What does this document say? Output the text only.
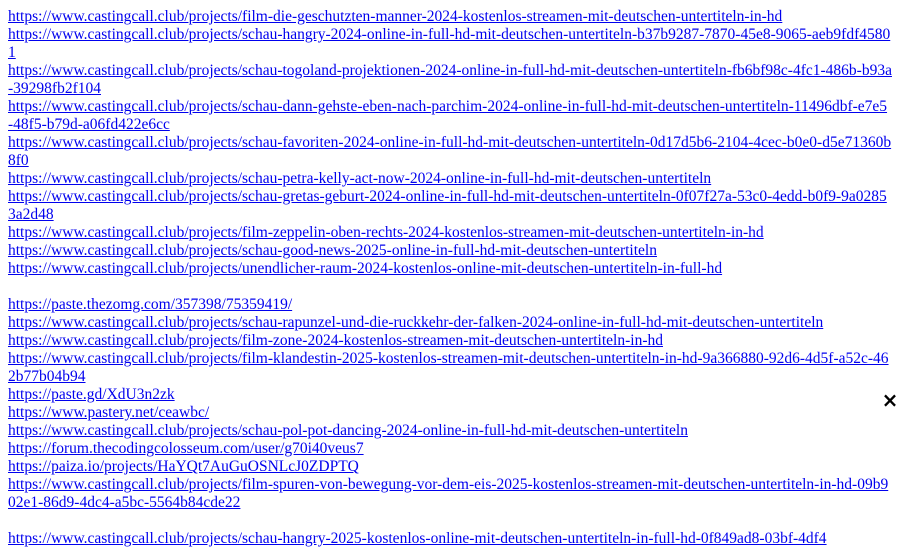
https://www.castingcall.club/projects/film-die-geschutzten-manner-2024-kostenlos-streamen-mit-deutschen-untertiteln-in-hd
https://www.castingcall.club/projects/schau-hangry-2024-online-in-full-hd-mit-deutschen-untertiteln-b37b9287-7870-45e8-9065-aeb9fdf45801
https://www.castingcall.club/projects/schau-togoland-projektionen-2024-online-in-full-hd-mit-deutschen-untertiteln-fb6bf98c-4fc1-486b-b93a-39298fb2f104
https://www.castingcall.club/projects/schau-dann-gehste-eben-nach-parchim-2024-online-in-full-hd-mit-deutschen-untertiteln-11496dbf-e7e5-48f5-b79d-a06fd422e6cc
https://www.castingcall.club/projects/schau-favoriten-2024-online-in-full-hd-mit-deutschen-untertiteln-0d17d5b6-2104-4cec-b0e0-d5e71360b8f0
https://www.castingcall.club/projects/schau-petra-kelly-act-now-2024-online-in-full-hd-mit-deutschen-untertiteln
https://www.castingcall.club/projects/schau-gretas-geburt-2024-online-in-full-hd-mit-deutschen-untertiteln-0f07f27a-53c0-4edd-b0f9-9a02853a2d48
https://www.castingcall.club/projects/film-zeppelin-oben-rechts-2024-kostenlos-streamen-mit-deutschen-untertiteln-in-hd
https://www.castingcall.club/projects/schau-good-news-2025-online-in-full-hd-mit-deutschen-untertiteln
https://www.castingcall.club/projects/unendlicher-raum-2024-kostenlos-online-mit-deutschen-untertiteln-in-full-hd
https://paste.thezomg.com/357398/75359419/
https://www.castingcall.club/projects/schau-rapunzel-und-die-ruckkehr-der-falken-2024-online-in-full-hd-mit-deutschen-untertiteln
https://www.castingcall.club/projects/film-zone-2024-kostenlos-streamen-mit-deutschen-untertiteln-in-hd
https://www.castingcall.club/projects/film-klandestin-2025-kostenlos-streamen-mit-deutschen-untertiteln-in-hd-9a366880-92d6-4d5f-a52c-462b77b04b94
https://paste.gd/XdU3n2zk
https://www.pastery.net/ceawbc/
https://www.castingcall.club/projects/schau-pol-pot-dancing-2024-online-in-full-hd-mit-deutschen-untertiteln
https://forum.thecodingcolosseum.com/user/g70i40veus7
https://paiza.io/projects/HaYQt7AuGuOSNLcJ0ZDPTQ
https://www.castingcall.club/projects/film-spuren-von-bewegung-vor-dem-eis-2025-kostenlos-streamen-mit-deutschen-untertiteln-in-hd-09b902e1-86d9-4dc4-a5bc-5564b84cde22
https://www.castingcall.club/projects/schau-hangry-2025-kostenlos-online-mit-deutschen-untertiteln-in-full-hd-0f849ad8-03bf-4df4
×
